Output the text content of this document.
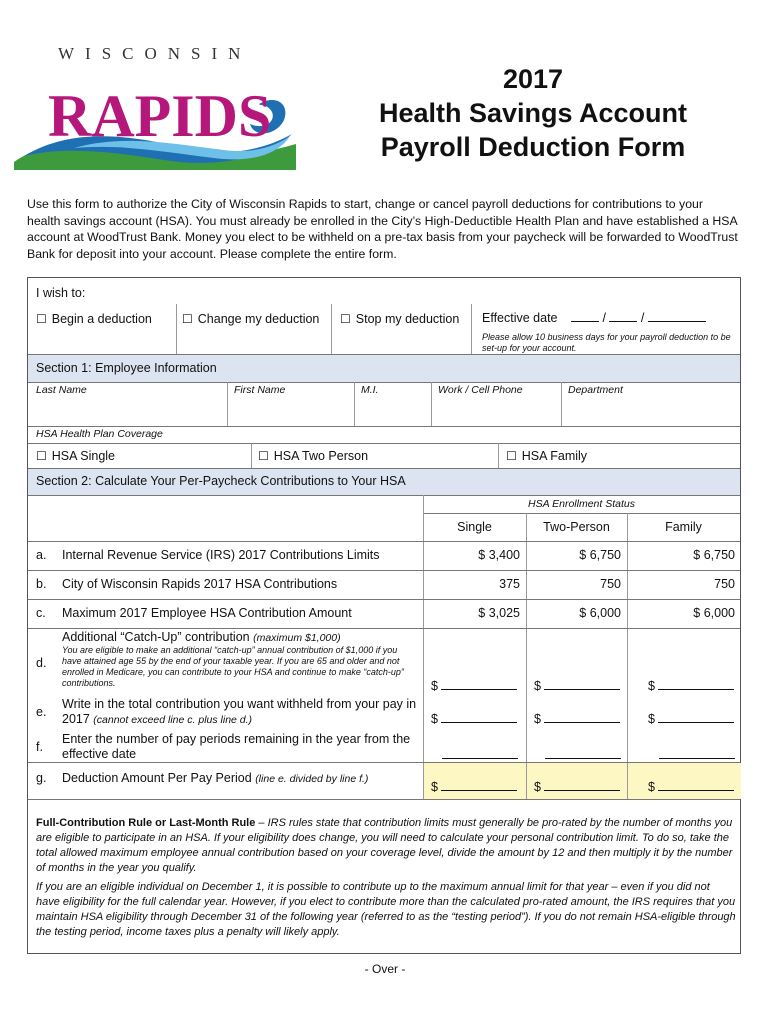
WISCONSIN
RAPIDS
2017
Health Savings Account
Payroll Deduction Form
Use this form to authorize the City of Wisconsin Rapids to start, change or cancel payroll deductions for contributions to your health savings account (HSA). You must already be enrolled in the City’s High-Deductible Health Plan and have established a HSA account at WoodTrust Bank. Money you elect to be withheld on a pre-tax basis from your paycheck will be forwarded to WoodTrust Bank for deposit into your account. Please complete the entire form.
I wish to:
☐ Begin a deduction	☐ Change my deduction ☐ Stop my deduction Effective date	/  /
Please allow 10 business days for your payroll deduction to be set-up for your account.
Section 1: Employee Information
Last Name	First Name	M.I.	Work / Cell Phone	Department
HSA Health Plan Coverage
☐ HSA Single	☐ HSA Two Person	☐ HSA Family
Section 2: Calculate Your Per-Paycheck Contributions to Your HSA
HSA Enrollment Status
Single	Two-Person	Family
a. Internal Revenue Service (IRS) 2017 Contributions Limits	$ 3,400	$ 6,750	$ 6,750
b. City of Wisconsin Rapids 2017 HSA Contributions	375	750	750
c. Maximum 2017 Employee HSA Contribution Amount	$ 3,025	$ 6,000	$ 6,000
d.
Additional “Catch-Up” contribution (maximum $1,000)
You are eligible to make an additional “catch-up” annual contribution of $1,000 if you have attained age 55 by the end of your taxable year. If you are 65 and older and not enrolled in Medicare, you can contribute to your HSA and continue to make “catch-up” contributions.	$	$	$
e.
Write in the total contribution you want withheld from your pay in 2017 (cannot exceed line c. plus line d.)	$	$	$
f.
Enter the number of pay periods remaining in the year from the effective date
g. Deduction Amount Per Pay Period (line e. divided by line f.)
$	$	$
Full-Contribution Rule or Last-Month Rule – IRS rules state that contribution limits must generally be pro-rated by the number of months you are eligible to participate in an HSA. If your eligibility does change, you will need to calculate your personal contribution limit. To do so, take the total allowed maximum employee annual contribution based on your coverage level, divide the amount by 12 and then multiply it by the number of months in the year you qualify.
If you are an eligible individual on December 1, it is possible to contribute up to the maximum annual limit for that year – even if you did not have eligibility for the full calendar year. However, if you elect to contribute more than the calculated pro-rated amount, the IRS requires that you maintain HSA eligibility through December 31 of the following year (referred to as the “testing period”). If you do not remain HSA-eligible through the testing period, income taxes plus a penalty will likely apply.
- Over -
